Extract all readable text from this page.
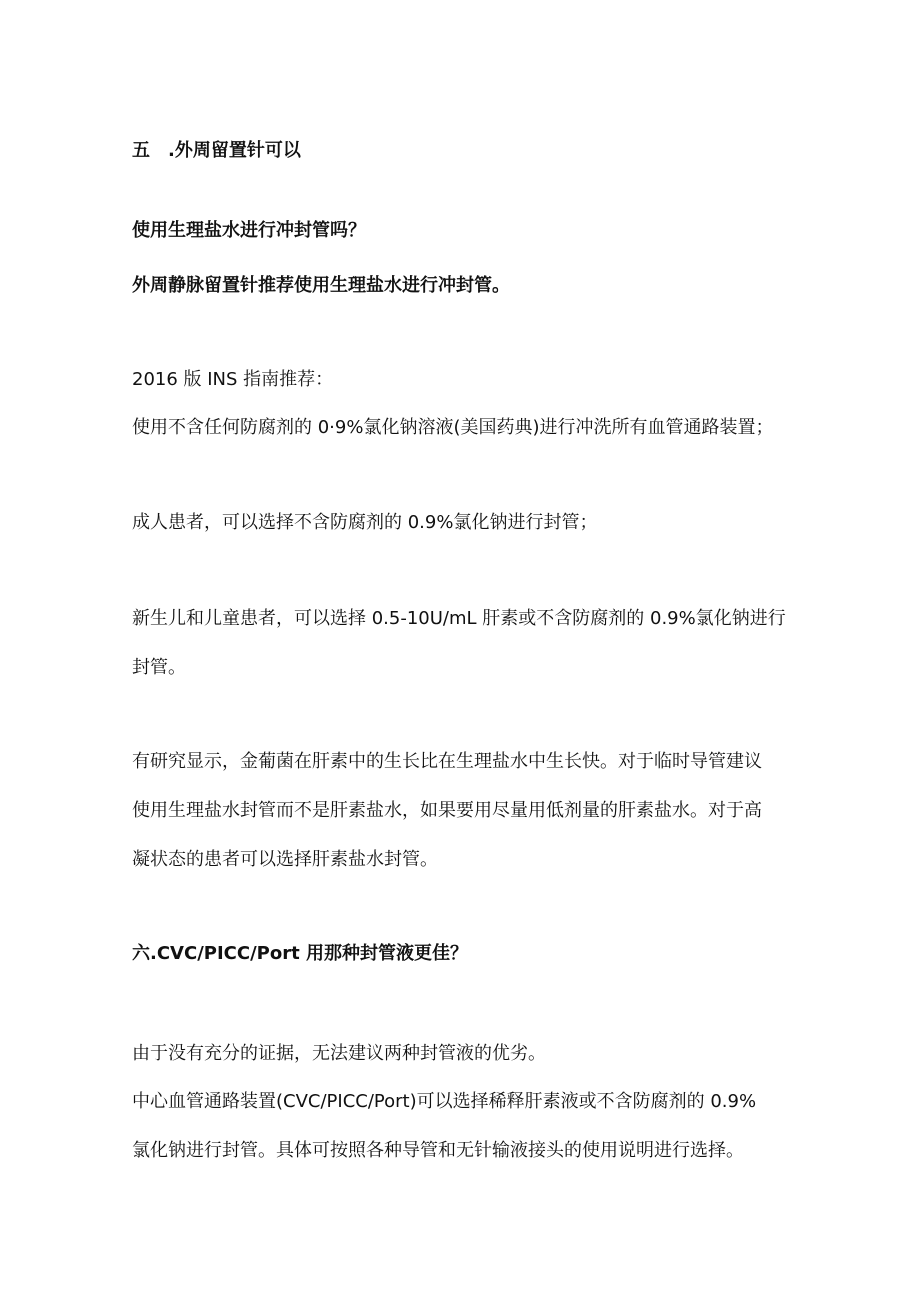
五 .外周留置针可以

使用生理盐水进行冲封管吗？

外周静脉留置针推荐使用生理盐水进行冲封管。

2016 版 INS 指南推荐：

使用不含任何防腐剂的 0·9%氯化钠溶液(美国药典)进行冲洗所有血管通路装置；

成人患者，可以选择不含防腐剂的 0.9%氯化钠进行封管；

新生儿和儿童患者，可以选择 0.5-10U/mL 肝素或不含防腐剂的 0.9%氯化钠进行

封管。

有研究显示，金葡菌在肝素中的生长比在生理盐水中生长快。对于临时导管建议

使用生理盐水封管而不是肝素盐水，如果要用尽量用低剂量的肝素盐水。对于高

凝状态的患者可以选择肝素盐水封管。

六.CVC/PICC/Port 用那种封管液更佳？

由于没有充分的证据，无法建议两种封管液的优劣。

中心血管通路装置(CVC/PICC/Port)可以选择稀释肝素液或不含防腐剂的 0.9%

氯化钠进行封管。具体可按照各种导管和无针输液接头的使用说明进行选择。
